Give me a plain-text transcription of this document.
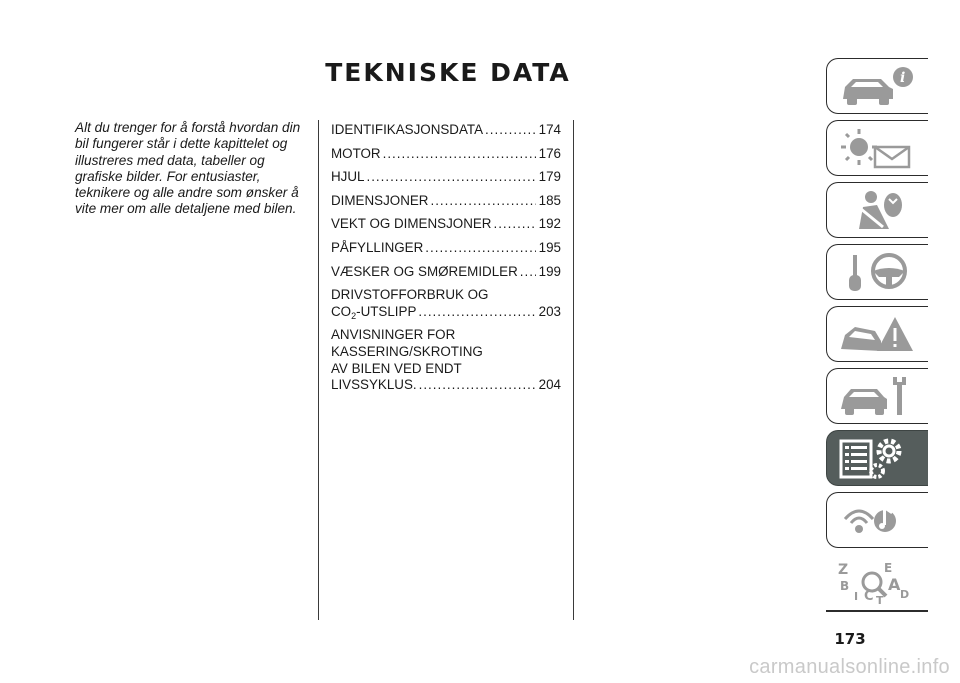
TEKNISKE DATA

Alt du trenger for å forstå hvordan din bil fungerer står i dette kapittelet og illustreres med data, tabeller og grafiske bilder. For entusiaster, teknikere og alle andre som ønsker å vite mer om alle detaljene med bilen.

IDENTIFIKASJONSDATA .....	174
MOTOR .....	176
HJUL .....	179
DIMENSJONER .....	185
VEKT OG DIMENSJONER .....	192
PÅFYLLINGER .....	195
VÆSKER OG SMØREMIDLER ..... 199
DRIVSTOFFORBRUK OG
$CO_2$-UTSLIPP .....	203
ANVISNINGER FOR
KASSERING/SKROTING
AV BILEN VED ENDT
LIVSSYKLUS. .....	204
i
Z	E
B A
I C D
T
173
carmanualsonline.info
